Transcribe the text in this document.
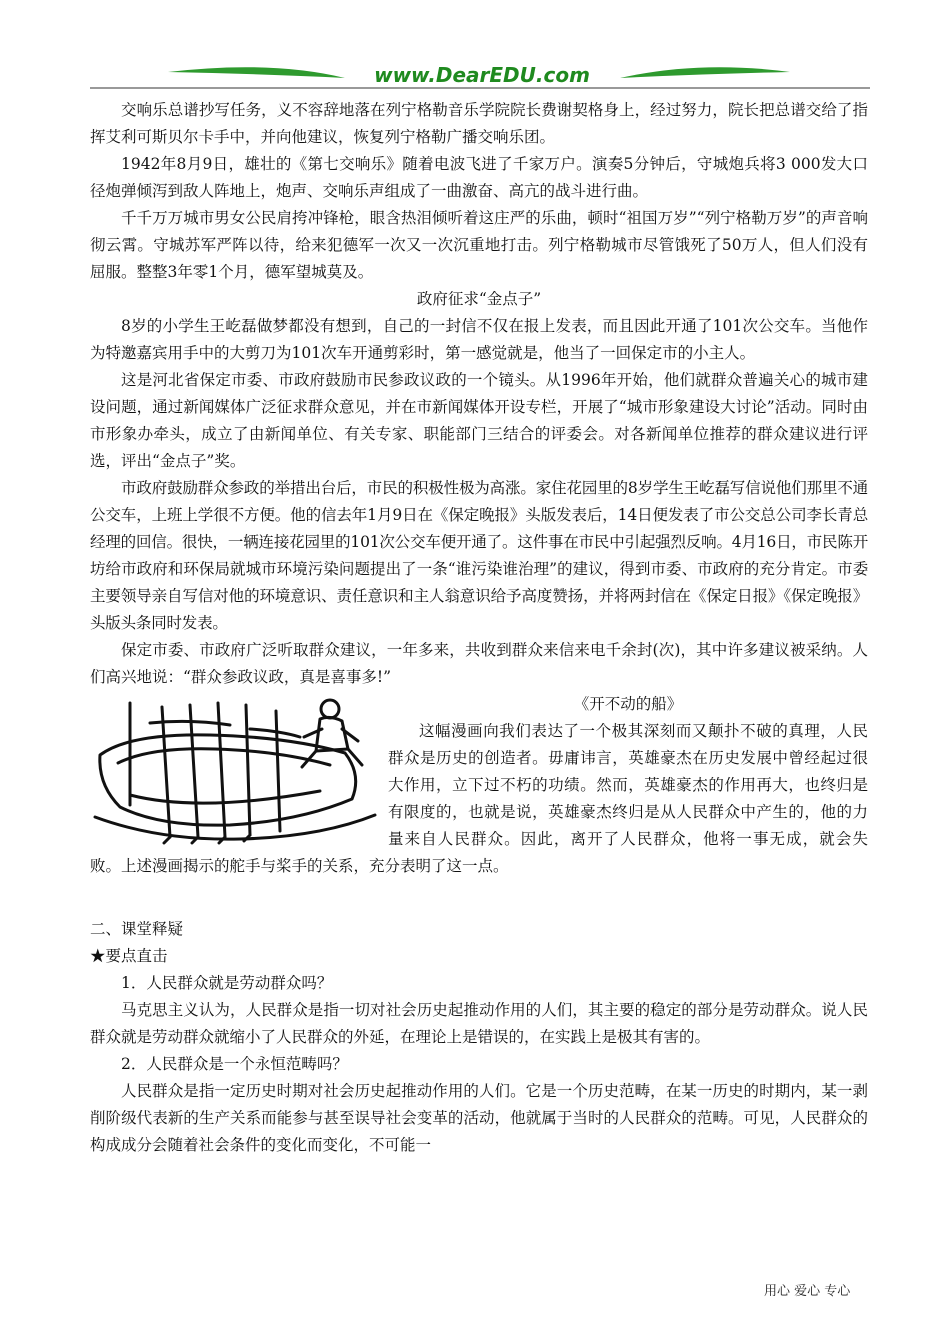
www.DearEDU.com

交响乐总谱抄写任务，义不容辞地落在列宁格勒音乐学院院长费谢契格身上，经过努力，院长把总谱交给了指挥艾利可斯贝尔卡手中，并向他建议，恢复列宁格勒广播交响乐团。

1942年8月9日，雄壮的《第七交响乐》随着电波飞进了千家万户。演奏5分钟后，守城炮兵将3 000发大口径炮弹倾泻到敌人阵地上，炮声、交响乐声组成了一曲激奋、高亢的战斗进行曲。

千千万万城市男女公民肩挎冲锋枪，眼含热泪倾听着这庄严的乐曲，顿时“祖国万岁”“列宁格勒万岁”的声音响彻云霄。守城苏军严阵以待，给来犯德军一次又一次沉重地打击。列宁格勒城市尽管饿死了50万人，但人们没有屈服。整整3年零1个月，德军望城莫及。

政府征求“金点子”

8岁的小学生王屹磊做梦都没有想到，自己的一封信不仅在报上发表，而且因此开通了101次公交车。当他作为特邀嘉宾用手中的大剪刀为101次车开通剪彩时，第一感觉就是，他当了一回保定市的小主人。

这是河北省保定市委、市政府鼓励市民参政议政的一个镜头。从1996年开始，他们就群众普遍关心的城市建设问题，通过新闻媒体广泛征求群众意见，并在市新闻媒体开设专栏，开展了“城市形象建设大讨论”活动。同时由市形象办牵头，成立了由新闻单位、有关专家、职能部门三结合的评委会。对各新闻单位推荐的群众建议进行评选，评出“金点子”奖。

市政府鼓励群众参政的举措出台后，市民的积极性极为高涨。家住花园里的8岁学生王屹磊写信说他们那里不通公交车，上班上学很不方便。他的信去年1月9日在《保定晚报》头版发表后，14日便发表了市公交总公司李长青总经理的回信。很快，一辆连接花园里的101次公交车便开通了。这件事在市民中引起强烈反响。4月16日，市民陈开坊给市政府和环保局就城市环境污染问题提出了一条“谁污染谁治理”的建议，得到市委、市政府的充分肯定。市委主要领导亲自写信对他的环境意识、责任意识和主人翁意识给予高度赞扬，并将两封信在《保定日报》《保定晚报》头版头条同时发表。

保定市委、市政府广泛听取群众建议，一年多来，共收到群众来信来电千余封(次)，其中许多建议被采纳。人们高兴地说：“群众参政议政，真是喜事多!”

《开不动的船》

这幅漫画向我们表达了一个极其深刻而又颠扑不破的真理，人民群众是历史的创造者。毋庸讳言，英雄豪杰在历史发展中曾经起过很大作用，立下过不朽的功绩。然而，英雄豪杰的作用再大，也终归是有限度的，也就是说，英雄豪杰终归是从人民群众中产生的，他的力量来自人民群众。因此，离开了人民群众，他将一事无成，就会失败。上述漫画揭示的舵手与桨手的关系，充分表明了这一点。

二、课堂释疑

★要点直击

1．人民群众就是劳动群众吗？

马克思主义认为，人民群众是指一切对社会历史起推动作用的人们，其主要的稳定的部分是劳动群众。说人民群众就是劳动群众就缩小了人民群众的外延，在理论上是错误的，在实践上是极其有害的。

2．人民群众是一个永恒范畴吗？

人民群众是指一定历史时期对社会历史起推动作用的人们。它是一个历史范畴，在某一历史的时期内，某一剥削阶级代表新的生产关系而能参与甚至误导社会变革的活动，他就属于当时的人民群众的范畴。可见，人民群众的构成成分会随着社会条件的变化而变化，不可能一

用心 爱心 专心
